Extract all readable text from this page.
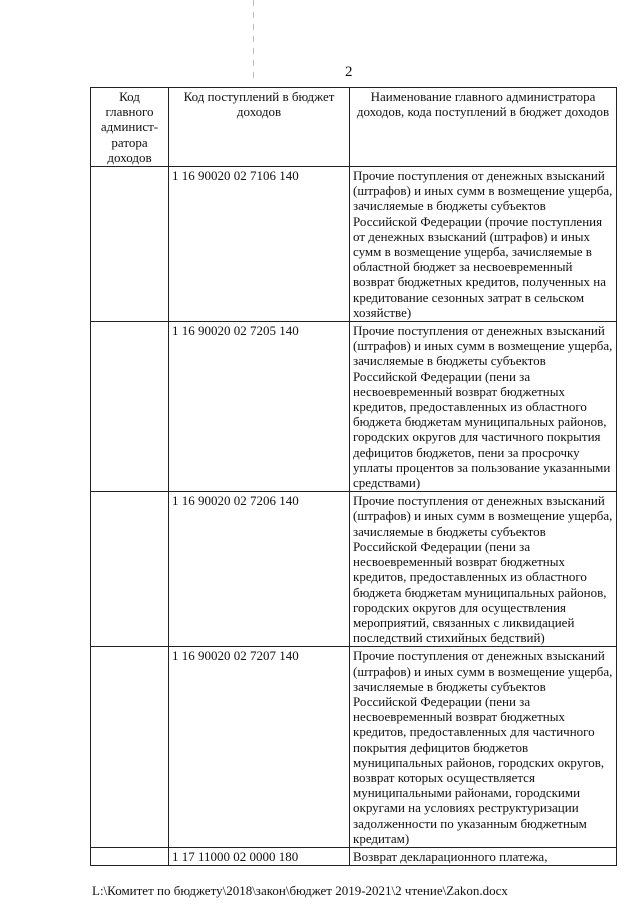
2
Код главного админист-ратора доходов	Код поступлений в бюджет доходов	Наименование главного администратора доходов, кода поступлений в бюджет доходов
	1 16 90020 02 7106 140	Прочие поступления от денежных взысканий (штрафов) и иных сумм в возмещение ущерба, зачисляемые в бюджеты субъектов Российской Федерации (прочие поступления от денежных взысканий (штрафов) и иных сумм в возмещение ущерба, зачисляемые в областной бюджет за несвоевременный возврат бюджетных кредитов, полученных на кредитование сезонных затрат в сельском хозяйстве)
	1 16 90020 02 7205 140	Прочие поступления от денежных взысканий (штрафов) и иных сумм в возмещение ущерба, зачисляемые в бюджеты субъектов Российской Федерации (пени за несвоевременный возврат бюджетных кредитов, предоставленных из областного бюджета бюджетам муниципальных районов, городских округов для частичного покрытия дефицитов бюджетов, пени за просрочку уплаты процентов за пользование указанными средствами)
	1 16 90020 02 7206 140	Прочие поступления от денежных взысканий (штрафов) и иных сумм в возмещение ущерба, зачисляемые в бюджеты субъектов Российской Федерации (пени за несвоевременный возврат бюджетных кредитов, предоставленных из областного бюджета бюджетам муниципальных районов, городских округов для осуществления мероприятий, связанных с ликвидацией последствий стихийных бедствий)
	1 16 90020 02 7207 140	Прочие поступления от денежных взысканий (штрафов) и иных сумм в возмещение ущерба, зачисляемые в бюджеты субъектов Российской Федерации (пени за несвоевременный возврат бюджетных кредитов, предоставленных для частичного покрытия дефицитов бюджетов муниципальных районов, городских округов, возврат которых осуществляется муниципальными районами, городскими округами на условиях реструктуризации задолженности по указанным бюджетным кредитам)
	1 17 11000 02 0000 180	Возврат декларационного платежа,
L:\Комитет по бюджету\2018\закон\бюджет 2019-2021\2 чтение\Zakon.docx
